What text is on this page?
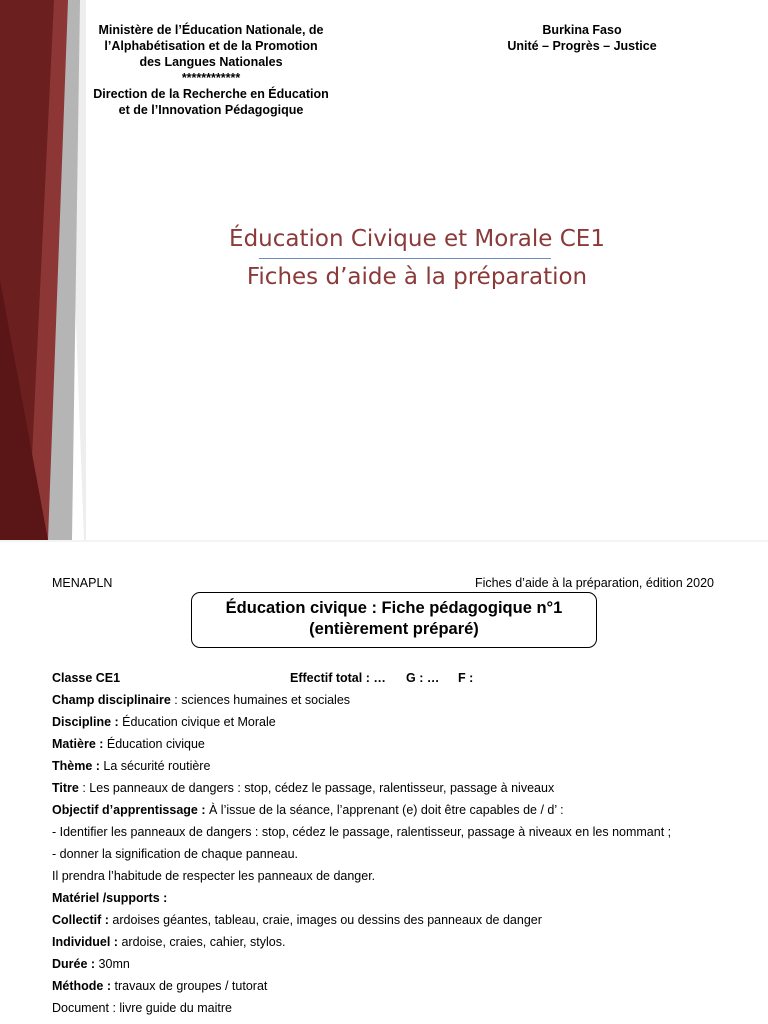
Ministère de l’Éducation Nationale, de
l’Alphabétisation et de la Promotion
des Langues Nationales
************
Direction de la Recherche en Éducation
et de l’Innovation Pédagogique
Burkina Faso
Unité – Progrès – Justice
Éducation Civique et Morale CE1
Fiches d’aide à la préparation
MENAPLN	Fiches d’aide à la préparation, édition 2020
Éducation civique : Fiche pédagogique n°1
(entièrement préparé)
Classe CE1	Effectif total : … G : … F :
Champ disciplinaire : sciences humaines et sociales
Discipline : Éducation civique et Morale
Matière : Éducation civique
Thème : La sécurité routière
Titre : Les panneaux de dangers : stop, cédez le passage, ralentisseur, passage à niveaux
Objectif d’apprentissage : À l’issue de la séance, l’apprenant (e) doit être capables de / d’ :
- Identifier les panneaux de dangers : stop, cédez le passage, ralentisseur, passage à niveaux en les nommant ;
- donner la signification de chaque panneau.
Il prendra l’habitude de respecter les panneaux de danger.
Matériel /supports :
Collectif : ardoises géantes, tableau, craie, images ou dessins des panneaux de danger
Individuel : ardoise, craies, cahier, stylos.
Durée : 30mn
Méthode : travaux de groupes / tutorat
Document : livre guide du maitre
